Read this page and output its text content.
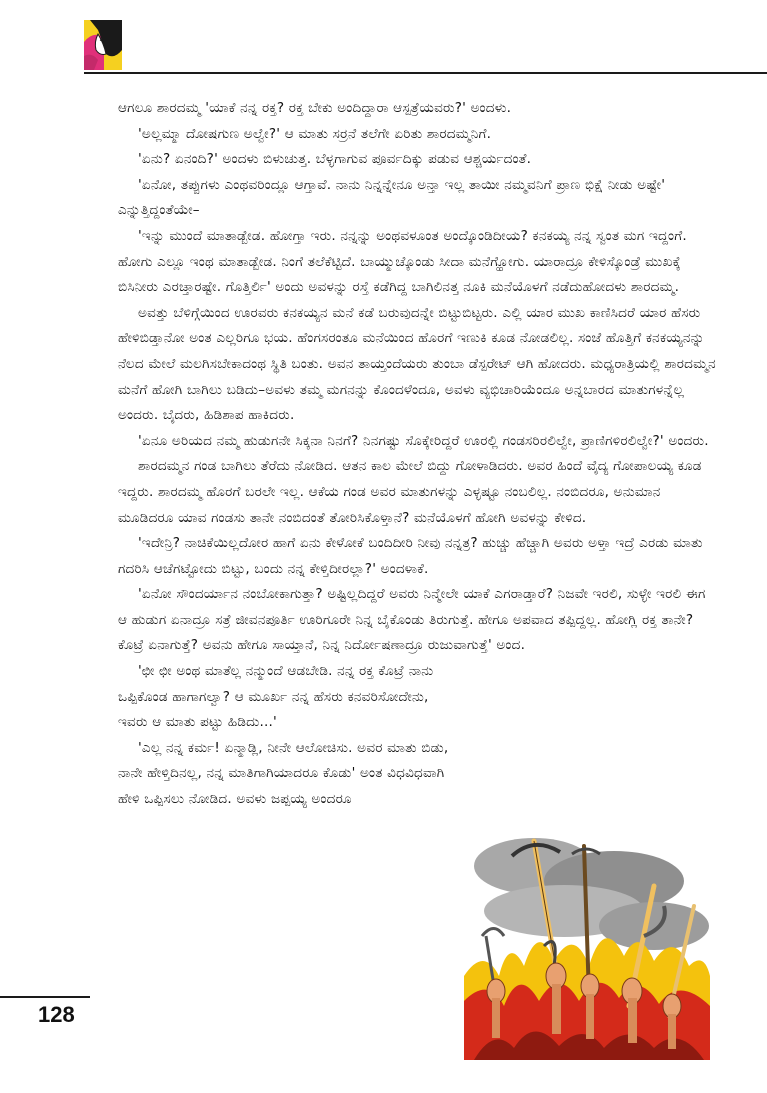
ಆಗಲೂ ಶಾರದಮ್ಮ 'ಯಾಕೆ ನನ್ನ ರಕ್ತ? ರಕ್ತ ಬೇಕು ಅಂದಿದ್ದಾರಾ ಆಸ್ಪತ್ರೆಯವರು?' ಅಂದಳು.

'ಅಲ್ಲಮ್ಮಾ ದೋಷಗುಣ ಅಲ್ವೇ?' ಆ ಮಾತು ಸರ್ರನೆ ತಲೆಗೇ ಏರಿತು ಶಾರದಮ್ಮನಿಗೆ.

'ಏನು? ಏನಂದಿ?' ಅಂದಳು ಬಿಳುಚುತ್ತ. ಬೆಳ್ಳಗಾಗುವ ಪೂರ್ವದಿಕ್ಕು ಪಡುವ ಆಶ್ಚರ್ಯದಂತೆ.

'ಏನೋ, ತಪ್ಪುಗಳು ಎಂಥವರಿಂದ್ಲೂ ಆಗ್ತಾವೆ. ನಾನು ನಿನ್ನನ್ನೇನೂ ಅನ್ತಾ ಇಲ್ಲ ತಾಯೀ ನಮ್ಮವನಿಗೆ ಪ್ರಾಣ ಭಿಕ್ಷೆ ನೀಡು ಅಷ್ಟೇ' ಎನ್ನುತ್ತಿದ್ದಂತೆಯೇ–

'ಇನ್ನು ಮುಂದೆ ಮಾತಾಡ್ಬೇಡ. ಹೋಗ್ತಾ ಇರು. ನನ್ನನ್ನು ಅಂಥವಳೂಂತ ಅಂದ್ಕೊಂಡಿದೀಯ? ಕನಕಯ್ಯ ನನ್ನ ಸ್ವಂತ ಮಗ ಇದ್ದಂಗೆ. ಹೋಗು ಎಲ್ಲೂ ಇಂಥ ಮಾತಾಡ್ಬೇಡ. ನಿಂಗೆ ತಲೆಕೆಟ್ಟಿದೆ. ಬಾಯ್ಮುಚ್ಕೊಂಡು ಸೀದಾ ಮನೆಗ್ಹೋಗು. ಯಾರಾದ್ರೂ ಕೇಳಿಸ್ಕೊಂಡ್ರೆ ಮುಖಕ್ಕೆ ಬಿಸಿನೀರು ಎರಚ್ತಾರಷ್ಟೇ. ಗೊತ್ತಿರ್ಲಿ' ಅಂದು ಅವಳನ್ನು ರಸ್ತೆ ಕಡೆಗಿದ್ದ ಬಾಗಿಲಿನತ್ತ ನೂಕಿ ಮನೆಯೊಳಗೆ ನಡೆದುಹೋದಳು ಶಾರದಮ್ಮ.

ಅವತ್ತು ಬೆಳಿಗ್ಗೆಯಿಂದ ಊರವರು ಕನಕಯ್ಯನ ಮನೆ ಕಡೆ ಬರುವುದನ್ನೇ ಬಿಟ್ಟುಬಿಟ್ಟರು. ಎಲ್ಲಿ ಯಾರ ಮುಖ ಕಾಣಿಸಿದರೆ ಯಾರ ಹೆಸರು ಹೇಳಿಬಿಡ್ತಾನೋ ಅಂತ ಎಲ್ಲರಿಗೂ ಭಯ. ಹೆಂಗಸರಂತೂ ಮನೆಯಿಂದ ಹೊರಗೆ ಇಣುಕಿ ಕೂಡ ನೋಡಲಿಲ್ಲ. ಸಂಜೆ ಹೊತ್ತಿಗೆ ಕನಕಯ್ಯನನ್ನು ನೆಲದ ಮೇಲೆ ಮಲಗಿಸಬೇಕಾದಂಥ ಸ್ಥಿತಿ ಬಂತು. ಅವನ ತಾಯ್ತಂದೆಯರು ತುಂಬಾ ಡೆಸ್ಪರೇಟ್ ಆಗಿ ಹೋದರು. ಮಧ್ಯರಾತ್ರಿಯಲ್ಲಿ ಶಾರದಮ್ಮನ ಮನೆಗೆ ಹೋಗಿ ಬಾಗಿಲು ಬಡಿದು–ಅವಳು ತಮ್ಮ ಮಗನನ್ನು ಕೊಂದಳೆಂದೂ, ಅವಳು ವ್ಯಭಿಚಾರಿಯೆಂದೂ ಅನ್ನಬಾರದ ಮಾತುಗಳನ್ನೆಲ್ಲ ಅಂದರು. ಬೈದರು, ಹಿಡಿಶಾಪ ಹಾಕಿದರು.

'ಏನೂ ಅರಿಯದ ನಮ್ಮ ಹುಡುಗನೇ ಸಿಕ್ಕನಾ ನಿನಗೆ? ನಿನಗಷ್ಟು ಸೊಕ್ಕೇರಿದ್ದರೆ ಊರಲ್ಲಿ ಗಂಡಸರಿರಲಿಲ್ವೇ, ಪ್ರಾಣಿಗಳಿರಲಿಲ್ವೇ?' ಅಂದರು.

ಶಾರದಮ್ಮನ ಗಂಡ ಬಾಗಿಲು ತೆರೆದು ನೋಡಿದ. ಆತನ ಕಾಲ ಮೇಲೆ ಬಿದ್ದು ಗೋಳಾಡಿದರು. ಅವರ ಹಿಂದೆ ವೈದ್ಯ ಗೋಪಾಲಯ್ಯ ಕೂಡ ಇದ್ದರು. ಶಾರದಮ್ಮ ಹೊರಗೆ ಬರಲೇ ಇಲ್ಲ. ಆಕೆಯ ಗಂಡ ಅವರ ಮಾತುಗಳನ್ನು ಎಳ್ಳಷ್ಟೂ ನಂಬಲಿಲ್ಲ. ನಂಬಿದರೂ, ಅನುಮಾನ ಮೂಡಿದರೂ ಯಾವ ಗಂಡಸು ತಾನೇ ನಂಬಿದಂತೆ ತೋರಿಸಿಕೊಳ್ತಾನೆ? ಮನೆಯೊಳಗೆ ಹೋಗಿ ಅವಳನ್ನು ಕೇಳಿದ.

'ಇದೇನ್ರಿ? ನಾಚಿಕೆಯಿಲ್ಲದೋರ ಹಾಗೆ ಏನು ಕೇಳೋಕೆ ಬಂದಿದೀರಿ ನೀವು ನನ್ನತ್ರ? ಹುಚ್ಚು ಹೆಚ್ಚಾಗಿ ಅವರು ಅಳ್ತಾ ಇದ್ರೆ ಎರಡು ಮಾತು ಗದರಿಸಿ ಆಚೆಗಟ್ಟೋದು ಬಿಟ್ಟು, ಬಂದು ನನ್ನ ಕೇಳ್ತಿದೀರಲ್ಲಾ?' ಅಂದಳಾಕೆ.

'ಏನೋ ಸೌಂದರ್ಯಾನ ನಂಬೋಕಾಗುತ್ತಾ? ಅಷ್ಟಿಲ್ಲದಿದ್ದರೆ ಅವರು ನಿನ್ಮೇಲೇ ಯಾಕೆ ಎಗರಾಡ್ತಾರೆ? ನಿಜವೇ ಇರಲಿ, ಸುಳ್ಳೇ ಇರಲಿ ಈಗ ಆ ಹುಡುಗ ಏನಾದ್ರೂ ಸತ್ರೆ ಜೀವನಪೂರ್ತಿ ಊರಿಗೂರೇ ನಿನ್ನ ಬೈಕೊಂಡು ತಿರುಗುತ್ತೆ. ಹೇಗೂ ಅಪವಾದ ತಪ್ಪಿದ್ದಲ್ಲ. ಹೋಗ್ಲಿ ರಕ್ತ ತಾನೇ? ಕೊಟ್ರೆ ಏನಾಗುತ್ತೆ? ಅವನು ಹೇಗೂ ಸಾಯ್ತಾನೆ, ನಿನ್ನ ನಿರ್ದೋಷಣಾದ್ರೂ ರುಜುವಾಗುತ್ತೆ' ಅಂದ.

'ಛೀ ಛೀ ಅಂಥ ಮಾತೆಲ್ಲ ನನ್ಮುಂದೆ ಆಡಬೇಡಿ. ನನ್ನ ರಕ್ತ ಕೊಟ್ರೆ ನಾನು ಒಪ್ಪಿಕೊಂಡ ಹಾಗಾಗಲ್ವಾ? ಆ ಮೂರ್ಖ ನನ್ನ ಹೆಸರು ಕನವರಿಸೋದೇನು, ಇವರು ಆ ಮಾತು ಪಟ್ಟು ಹಿಡಿದು...'

'ಎಲ್ಲ ನನ್ನ ಕರ್ಮ! ಏನ್ಮಾಡ್ಲಿ, ನೀನೇ ಆಲೋಚಿಸು. ಅವರ ಮಾತು ಬಿಡು, ನಾನೇ ಹೇಳ್ತಿದಿನಲ್ಲ, ನನ್ನ ಮಾತಿಗಾಗಿಯಾದರೂ ಕೊಡು' ಅಂತ ವಿಧವಿಧವಾಗಿ ಹೇಳಿ ಒಪ್ಪಿಸಲು ನೋಡಿದ. ಅವಳು ಜಪ್ಪಯ್ಯ ಅಂದರೂ

128
